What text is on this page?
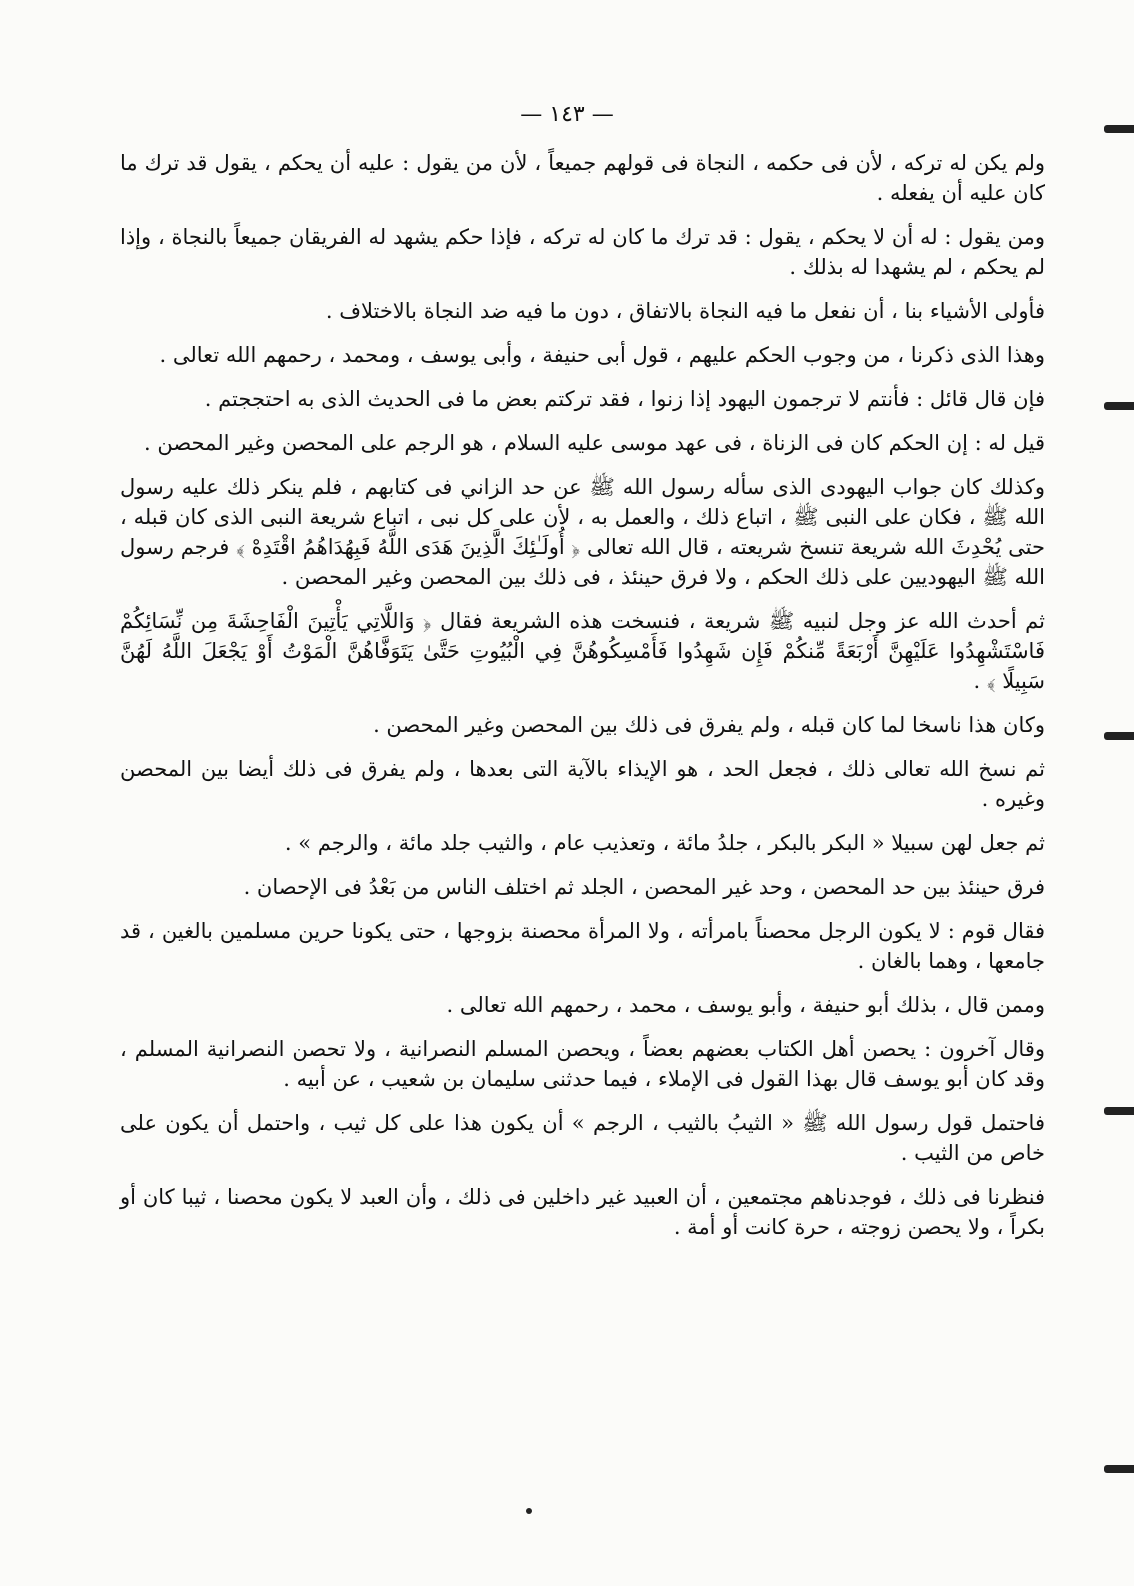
— ١٤٣ —

ولم يكن له تركه ، لأن فى حكمه ، النجاة فى قولهم جميعاً ، لأن من يقول : عليه أن يحكم ، يقول قد ترك ما كان عليه أن يفعله .

ومن يقول : له أن لا يحكم ، يقول : قد ترك ما كان له تركه ، فإذا حكم يشهد له الفريقان جميعاً بالنجاة ، وإذا لم يحكم ، لم يشهدا له بذلك .

فأولى الأشياء بنا ، أن نفعل ما فيه النجاة بالاتفاق ، دون ما فيه ضد النجاة بالاختلاف .

وهذا الذى ذكرنا ، من وجوب الحكم عليهم ، قول أبى حنيفة ، وأبى يوسف ، ومحمد ، رحمهم الله تعالى .

فإن قال قائل : فأنتم لا ترجمون اليهود إذا زنوا ، فقد تركتم بعض ما فى الحديث الذى به احتججتم .

قيل له : إن الحكم كان فى الزناة ، فى عهد موسى عليه السلام ، هو الرجم على المحصن وغير المحصن .

وكذلك كان جواب اليهودى الذى سأله رسول الله ﷺ عن حد الزاني فى كتابهم ، فلم ينكر ذلك عليه رسول الله ﷺ ، فكان على النبى ﷺ ، اتباع ذلك ، والعمل به ، لأن على كل نبى ، اتباع شريعة النبى الذى كان قبله ، حتى يُحْدِثَ الله شريعة تنسخ شريعته ، قال الله تعالى ﴿ أُولَـٰئِكَ الَّذِينَ هَدَى اللَّهُ فَبِهُدَاهُمُ اقْتَدِهْ ﴾ فرجم رسول الله ﷺ اليهوديين على ذلك الحكم ، ولا فرق حينئذ ، فى ذلك بين المحصن وغير المحصن .

ثم أحدث الله عز وجل لنبيه ﷺ شريعة ، فنسخت هذه الشريعة فقال ﴿ وَاللَّاتِي يَأْتِينَ الْفَاحِشَةَ مِن نِّسَائِكُمْ فَاسْتَشْهِدُوا عَلَيْهِنَّ أَرْبَعَةً مِّنكُمْ فَإِن شَهِدُوا فَأَمْسِكُوهُنَّ فِي الْبُيُوتِ حَتَّىٰ يَتَوَفَّاهُنَّ الْمَوْتُ أَوْ يَجْعَلَ اللَّهُ لَهُنَّ سَبِيلًا ﴾ .

وكان هذا ناسخا لما كان قبله ، ولم يفرق فى ذلك بين المحصن وغير المحصن .

ثم نسخ الله تعالى ذلك ، فجعل الحد ، هو الإيذاء بالآية التى بعدها ، ولم يفرق فى ذلك أيضا بين المحصن وغيره .

ثم جعل لهن سبيلا « البكر بالبكر ، جلدُ مائة ، وتعذيب عام ، والثيب جلد مائة ، والرجم » .

فرق حينئذ بين حد المحصن ، وحد غير المحصن ، الجلد ثم اختلف الناس من بَعْدُ فى الإحصان .

فقال قوم : لا يكون الرجل محصناً بامرأته ، ولا المرأة محصنة بزوجها ، حتى يكونا حرين مسلمين بالغين ، قد جامعها ، وهما بالغان .

وممن قال ، بذلك أبو حنيفة ، وأبو يوسف ، محمد ، رحمهم الله تعالى .

وقال آخرون : يحصن أهل الكتاب بعضهم بعضاً ، ويحصن المسلم النصرانية ، ولا تحصن النصرانية المسلم ، وقد كان أبو يوسف قال بهذا القول فى الإملاء ، فيما حدثنى سليمان بن شعيب ، عن أبيه .

فاحتمل قول رسول الله ﷺ « الثيبُ بالثيب ، الرجم » أن يكون هذا على كل ثيب ، واحتمل أن يكون على خاص من الثيب .

فنظرنا فى ذلك ، فوجدناهم مجتمعين ، أن العبيد غير داخلين فى ذلك ، وأن العبد لا يكون محصنا ، ثيبا كان أو بكراً ، ولا يحصن زوجته ، حرة كانت أو أمة .
